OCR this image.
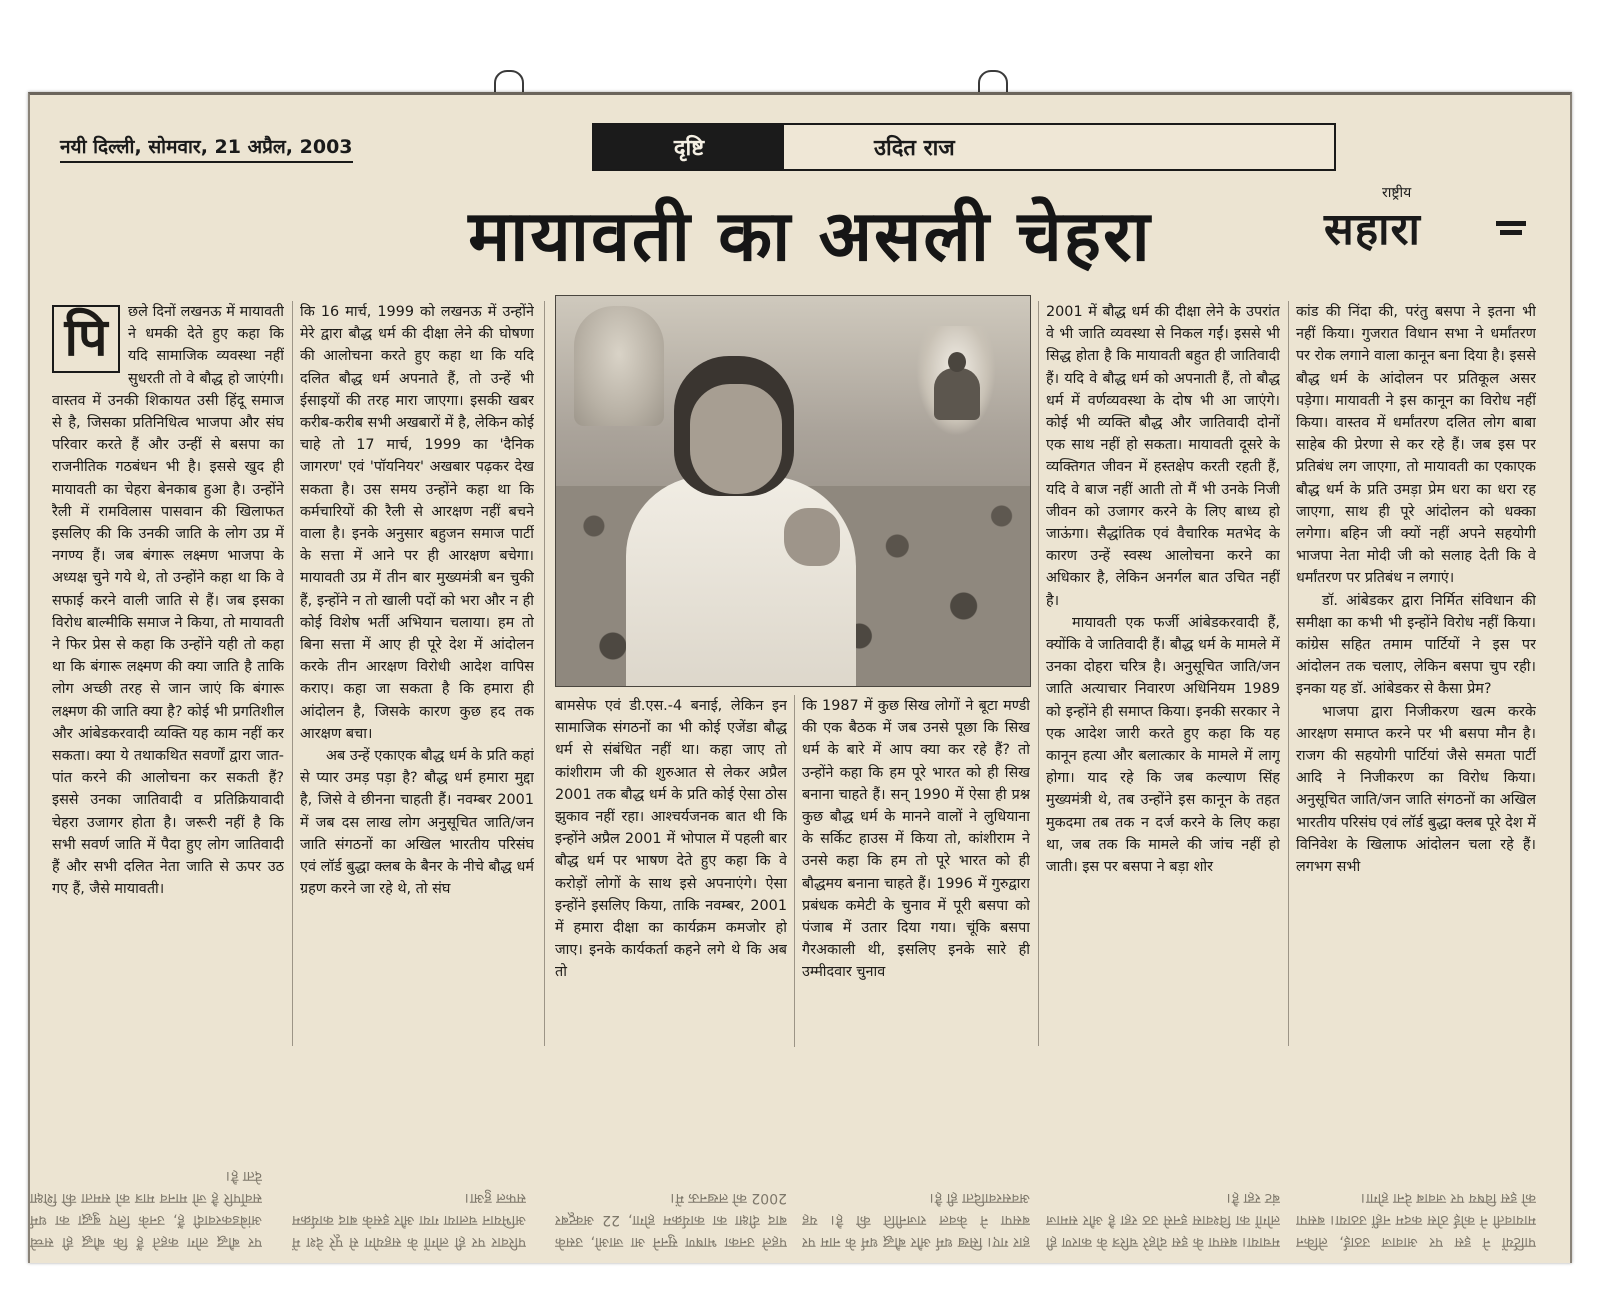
नयी दिल्ली, सोमवार, 21 अप्रैल, 2003	दृष्टि	उदित राज
राष्ट्रीय
सहारा
मायावती का असली चेहरा
पि	छले दिनों लखनऊ में मायावती ने धमकी देते हुए कहा कि यदि सामाजिक व्यवस्था नहीं सुधरती तो वे बौद्ध हो जाएंगी। वास्तव में उनकी शिकायत उसी हिंदू समाज से है, जिसका प्रतिनिधित्व भाजपा और संघ परिवार करते हैं और उन्हीं से बसपा का राजनीतिक गठबंधन भी है। इससे खुद ही मायावती का चेहरा बेनकाब हुआ है। उन्होंने रैली में रामविलास पासवान की खिलाफत इसलिए की कि उनकी जाति के लोग उप्र में नगण्य हैं। जब बंगारू लक्ष्मण भाजपा के अध्यक्ष चुने गये थे, तो उन्होंने कहा था कि वे सफाई करने वाली जाति से हैं। जब इसका विरोध बाल्मीकि समाज ने किया, तो मायावती ने फिर प्रेस से कहा कि उन्होंने यही तो कहा था कि बंगारू लक्ष्मण की क्या जाति है ताकि लोग अच्छी तरह से जान जाएं कि बंगारू लक्ष्मण की जाति क्या है? कोई भी प्रगतिशील और आंबेडकरवादी व्यक्ति यह काम नहीं कर सकता। क्या ये तथाकथित सवर्णों द्वारा जात-पांत करने की आलोचना कर सकती हैं? इससे उनका जातिवादी व प्रतिक्रियावादी चेहरा उजागर होता है। जरूरी नहीं है कि सभी सवर्ण जाति में पैदा हुए लोग जातिवादी हैं और सभी दलित नेता जाति से ऊपर उठ गए हैं, जैसे मायावती।

कि 16 मार्च, 1999 को लखनऊ में उन्होंने मेरे द्वारा बौद्ध धर्म की दीक्षा लेने की घोषणा की आलोचना करते हुए कहा था कि यदि दलित बौद्ध धर्म अपनाते हैं, तो उन्हें भी ईसाइयों की तरह मारा जाएगा। इसकी खबर करीब-करीब सभी अखबारों में है, लेकिन कोई चाहे तो 17 मार्च, 1999 का 'दैनिक जागरण' एवं 'पॉयनियर' अखबार पढ़कर देख सकता है। उस समय उन्होंने कहा था कि कर्मचारियों की रैली से आरक्षण नहीं बचने वाला है। इनके अनुसार बहुजन समाज पार्टी के सत्ता में आने पर ही आरक्षण बचेगा। मायावती उप्र में तीन बार मुख्यमंत्री बन चुकी हैं, इन्होंने न तो खाली पदों को भरा और न ही कोई विशेष भर्ती अभियान चलाया। हम तो बिना सत्ता में आए ही पूरे देश में आंदोलन करके तीन आरक्षण विरोधी आदेश वापिस कराए। कहा जा सकता है कि हमारा ही आंदोलन है, जिसके कारण कुछ हद तक आरक्षण बचा।

अब उन्हें एकाएक बौद्ध धर्म के प्रति कहां से प्यार उमड़ पड़ा है? बौद्ध धर्म हमारा मुद्दा है, जिसे वे छीनना चाहती हैं। नवम्बर 2001 में जब दस लाख लोग अनुसूचित जाति/जन जाति संगठनों का अखिल भारतीय परिसंघ एवं लॉर्ड बुद्धा क्लब के बैनर के नीचे बौद्ध धर्म ग्रहण करने जा रहे थे, तो संघ

बामसेफ एवं डी.एस.-4 बनाई, लेकिन इन सामाजिक संगठनों का भी कोई एजेंडा बौद्ध धर्म से संबंधित नहीं था। कहा जाए तो कांशीराम जी की शुरुआत से लेकर अप्रैल 2001 तक बौद्ध धर्म के प्रति कोई ऐसा ठोस झुकाव नहीं रहा। आश्चर्यजनक बात थी कि इन्होंने अप्रैल 2001 में भोपाल में पहली बार बौद्ध धर्म पर भाषण देते हुए कहा कि वे करोड़ों लोगों के साथ इसे अपनाएंगे। ऐसा इन्होंने इसलिए किया, ताकि नवम्बर, 2001 में हमारा दीक्षा का कार्यक्रम कमजोर हो जाए। इनके कार्यकर्ता कहने लगे थे कि अब तो

कि 1987 में कुछ सिख लोगों ने बूटा मण्डी की एक बैठक में जब उनसे पूछा कि सिख धर्म के बारे में आप क्या कर रहे हैं? तो उन्होंने कहा कि हम पूरे भारत को ही सिख बनाना चाहते हैं। सन् 1990 में ऐसा ही प्रश्न कुछ बौद्ध धर्म के मानने वालों ने लुधियाना के सर्किट हाउस में किया तो, कांशीराम ने उनसे कहा कि हम तो पूरे भारत को ही बौद्धमय बनाना चाहते हैं। 1996 में गुरुद्वारा प्रबंधक कमेटी के चुनाव में पूरी बसपा को पंजाब में उतार दिया गया। चूंकि बसपा गैरअकाली थी, इसलिए इनके सारे ही उम्मीदवार चुनाव

2001 में बौद्ध धर्म की दीक्षा लेने के उपरांत वे भी जाति व्यवस्था से निकल गईं। इससे भी सिद्ध होता है कि मायावती बहुत ही जातिवादी हैं। यदि वे बौद्ध धर्म को अपनाती हैं, तो बौद्ध धर्म में वर्णव्यवस्था के दोष भी आ जाएंगे। कोई भी व्यक्ति बौद्ध और जातिवादी दोनों एक साथ नहीं हो सकता। मायावती दूसरे के व्यक्तिगत जीवन में हस्तक्षेप करती रहती हैं, यदि वे बाज नहीं आती तो मैं भी उनके निजी जीवन को उजागर करने के लिए बाध्य हो जाऊंगा। सैद्धांतिक एवं वैचारिक मतभेद के कारण उन्हें स्वस्थ आलोचना करने का अधिकार है, लेकिन अनर्गल बात उचित नहीं है।

मायावती एक फर्जी आंबेडकरवादी हैं, क्योंकि वे जातिवादी हैं। बौद्ध धर्म के मामले में उनका दोहरा चरित्र है। अनुसूचित जाति/जन जाति अत्याचार निवारण अधिनियम 1989 को इन्होंने ही समाप्त किया। इनकी सरकार ने एक आदेश जारी करते हुए कहा कि यह कानून हत्या और बलात्कार के मामले में लागू होगा। याद रहे कि जब कल्याण सिंह मुख्यमंत्री थे, तब उन्होंने इस कानून के तहत मुकदमा तब तक न दर्ज करने के लिए कहा था, जब तक कि मामले की जांच नहीं हो जाती। इस पर बसपा ने बड़ा शोर

कांड की निंदा की, परंतु बसपा ने इतना भी नहीं किया। गुजरात विधान सभा ने धर्मांतरण पर रोक लगाने वाला कानून बना दिया है। इससे बौद्ध धर्म के आंदोलन पर प्रतिकूल असर पड़ेगा। मायावती ने इस कानून का विरोध नहीं किया। वास्तव में धर्मांतरण दलित लोग बाबा साहेब की प्रेरणा से कर रहे हैं। जब इस पर प्रतिबंध लग जाएगा, तो मायावती का एकाएक बौद्ध धर्म के प्रति उमड़ा प्रेम धरा का धरा रह जाएगा, साथ ही पूरे आंदोलन को धक्का लगेगा। बहिन जी क्यों नहीं अपने सहयोगी भाजपा नेता मोदी जी को सलाह देती कि वे धर्मांतरण पर प्रतिबंध न लगाएं।

डॉ. आंबेडकर द्वारा निर्मित संविधान की समीक्षा का कभी भी इन्होंने विरोध नहीं किया। कांग्रेस सहित तमाम पार्टियों ने इस पर आंदोलन तक चलाए, लेकिन बसपा चुप रही। इनका यह डॉ. आंबेडकर से कैसा प्रेम?

भाजपा द्वारा निजीकरण खत्म करके आरक्षण समाप्त करने पर भी बसपा मौन है। राजग की सहयोगी पार्टियां जैसे समता पार्टी आदि ने निजीकरण का विरोध किया। अनुसूचित जाति/जन जाति संगठनों का अखिल भारतीय परिसंघ एवं लॉर्ड बुद्धा क्लब पूरे देश में विनिवेश के खिलाफ आंदोलन चला रहे हैं। लगभग सभी

पर बौद्ध लोग कहते हैं कि बौद्ध ही सच्चे आंबेडकरवादी हैं, उनके लिए बुद्धा का धर्म सर्वोपरि है जो मानव मात्र को समता की शिक्षा देता है।
परिवार पर ही लोगों के सहयोग से पूरे देश में अभियान चलाया गया और इसके बाद कार्यक्रम सफल हुआ।
पहले उनका भाषण सुनने आ जाओ, उसके बाद दीक्षा का कार्यक्रम होगा, 22 अक्टूबर 2002 को लखनऊ में।
हार गए। सिख धर्म और बौद्ध धर्म के नाम पर बसपा ने केवल राजनीति की है। यह अवसरवादिता ही है।
मचाया। बसपा के इस दोहरे चरित्र के कारण ही लोगों का विश्वास इनसे उठ रहा है और समाज बंट रहा है।
पार्टियों ने इस पर आवाज उठाई, लेकिन मायावती ने कोई ठोस कदम नहीं उठाया। बसपा को इस विषय पर जवाब देना होगा।
